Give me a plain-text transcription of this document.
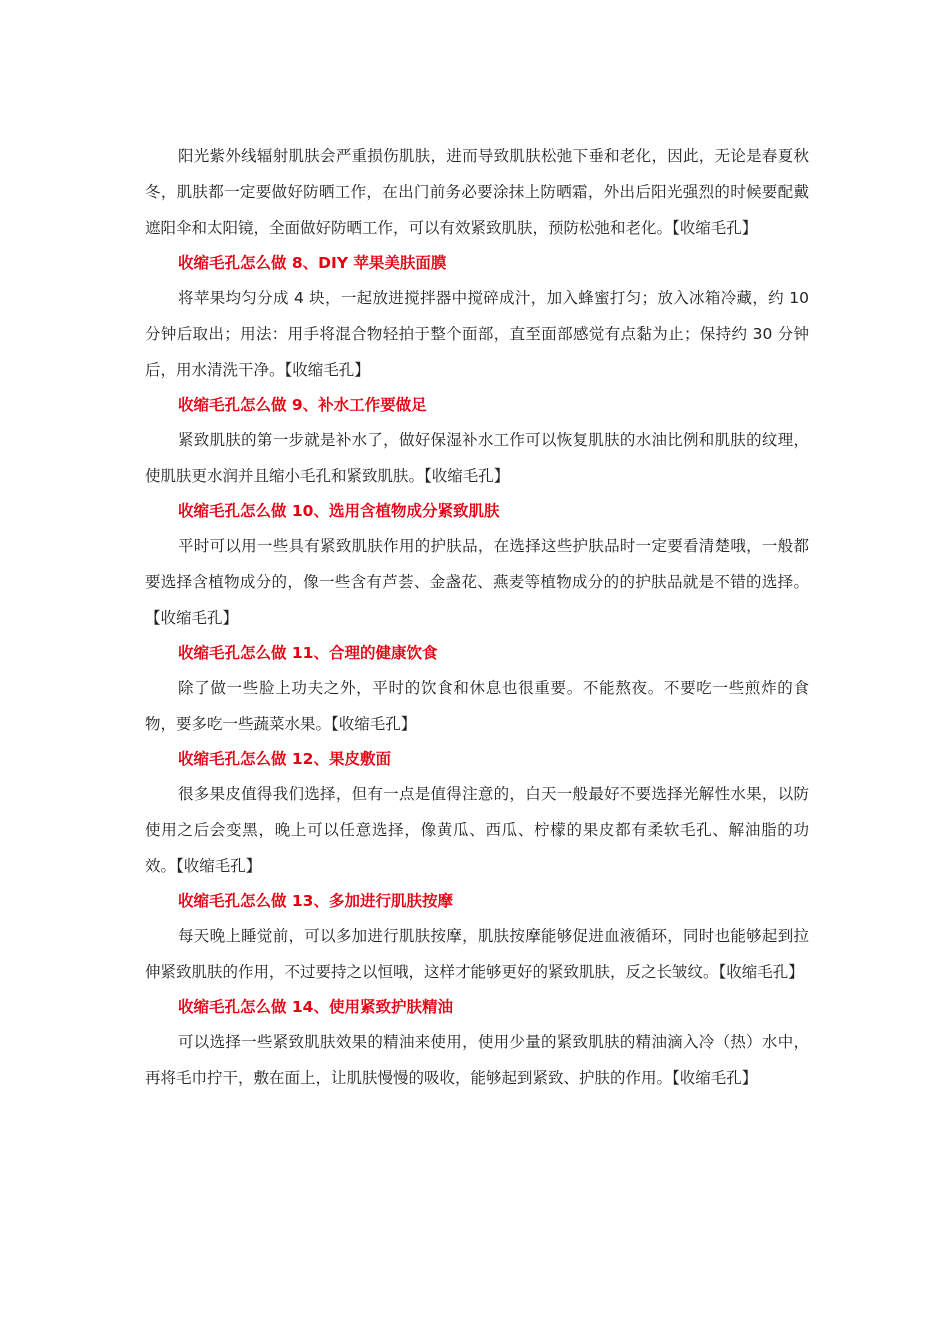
阳光紫外线辐射肌肤会严重损伤肌肤，进而导致肌肤松弛下垂和老化，因此，无论是春夏秋冬，肌肤都一定要做好防晒工作，在出门前务必要涂抹上防晒霜，外出后阳光强烈的时候要配戴遮阳伞和太阳镜，全面做好防晒工作，可以有效紧致肌肤，预防松弛和老化。【收缩毛孔】

收缩毛孔怎么做 8、DIY 苹果美肤面膜

将苹果均匀分成 4 块，一起放进搅拌器中搅碎成汁，加入蜂蜜打匀；放入冰箱冷藏，约 10分钟后取出；用法：用手将混合物轻拍于整个面部，直至面部感觉有点黏为止；保持约 30 分钟后，用水清洗干净。【收缩毛孔】

收缩毛孔怎么做 9、补水工作要做足

紧致肌肤的第一步就是补水了，做好保湿补水工作可以恢复肌肤的水油比例和肌肤的纹理，使肌肤更水润并且缩小毛孔和紧致肌肤。【收缩毛孔】

收缩毛孔怎么做 10、选用含植物成分紧致肌肤

平时可以用一些具有紧致肌肤作用的护肤品，在选择这些护肤品时一定要看清楚哦，一般都要选择含植物成分的，像一些含有芦荟、金盏花、燕麦等植物成分的的护肤品就是不错的选择。【收缩毛孔】

收缩毛孔怎么做 11、合理的健康饮食

除了做一些脸上功夫之外，平时的饮食和休息也很重要。不能熬夜。不要吃一些煎炸的食物，要多吃一些蔬菜水果。【收缩毛孔】

收缩毛孔怎么做 12、果皮敷面

很多果皮值得我们选择，但有一点是值得注意的，白天一般最好不要选择光解性水果，以防使用之后会变黑，晚上可以任意选择，像黄瓜、西瓜、柠檬的果皮都有柔软毛孔、解油脂的功效。【收缩毛孔】

收缩毛孔怎么做 13、多加进行肌肤按摩

每天晚上睡觉前，可以多加进行肌肤按摩，肌肤按摩能够促进血液循环，同时也能够起到拉伸紧致肌肤的作用，不过要持之以恒哦，这样才能够更好的紧致肌肤，反之长皱纹。【收缩毛孔】

收缩毛孔怎么做 14、使用紧致护肤精油

可以选择一些紧致肌肤效果的精油来使用，使用少量的紧致肌肤的精油滴入冷（热）水中，再将毛巾拧干，敷在面上，让肌肤慢慢的吸收，能够起到紧致、护肤的作用。【收缩毛孔】
